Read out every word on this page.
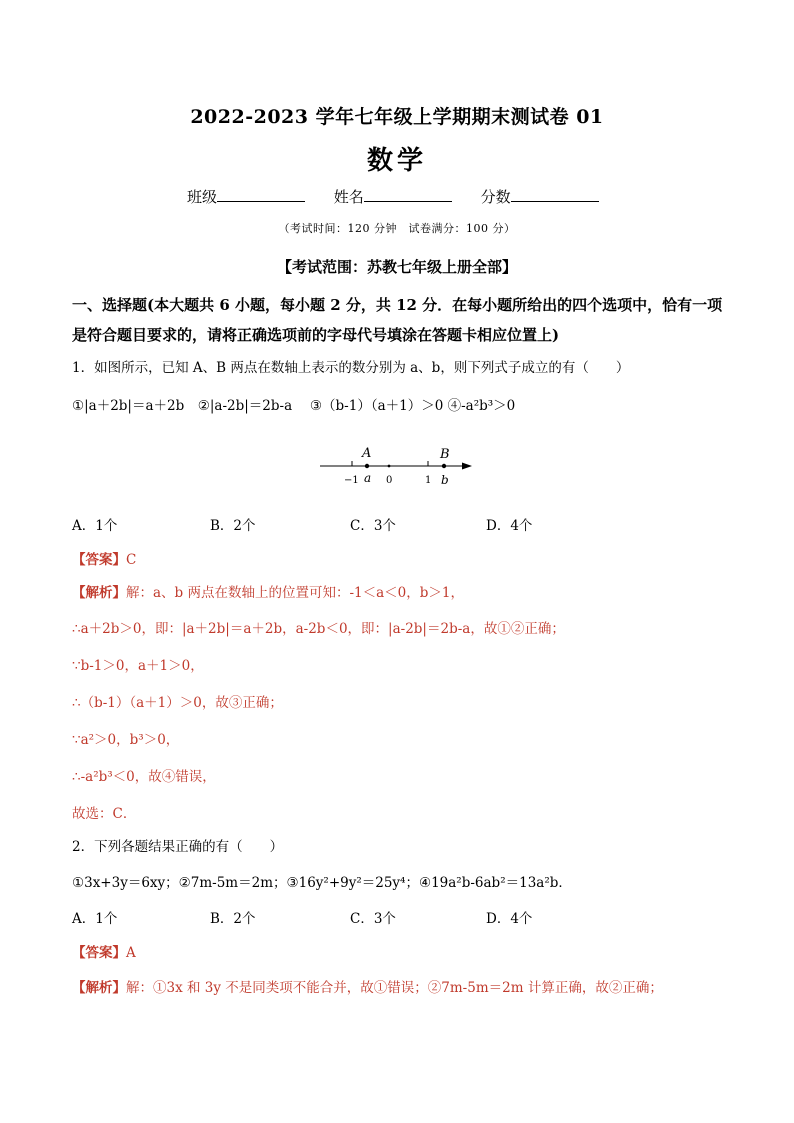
2022-2023 学年七年级上学期期末测试卷 01
数学
班级	姓名	分数
（考试时间：120 分钟　试卷满分：100 分）
【考试范围：苏教七年级上册全部】
一、选择题(本大题共 6 小题，每小题 2 分，共 12 分．在每小题所给出的四个选项中，恰有一项是符合题目要求的，请将正确选项前的字母代号填涂在答题卡相应位置上)
1．如图所示，已知 A、B 两点在数轴上表示的数分别为 a、b，则下列式子成立的有（　　）
①|a＋2b|＝a＋2b　②|a-2b|＝2b-a　 ③（b-1）（a＋1）＞0 ④-a²b³＞0
A	B
−1 a 0	1 b
A．1个	B．2个	C．3个	D．4个
【答案】C
【解析】解：a、b 两点在数轴上的位置可知：-1＜a＜0，b＞1，
∴a＋2b＞0，即：|a＋2b|＝a＋2b，a-2b＜0，即：|a-2b|＝2b-a，故①②正确；
∵b-1＞0，a＋1＞0，
∴（b-1）（a＋1）＞0，故③正确；
∵a²＞0，b³＞0，
∴-a²b³＜0，故④错误，
故选：C．
2．下列各题结果正确的有（　　）
①3x+3y＝6xy；②7m-5m＝2m；③16y²+9y²＝25y⁴；④19a²b-6ab²＝13a²b．
A．1个	B．2个	C．3个	D．4个
【答案】A
【解析】解：①3x 和 3y 不是同类项不能合并，故①错误；②7m-5m＝2m 计算正确，故②正确；
